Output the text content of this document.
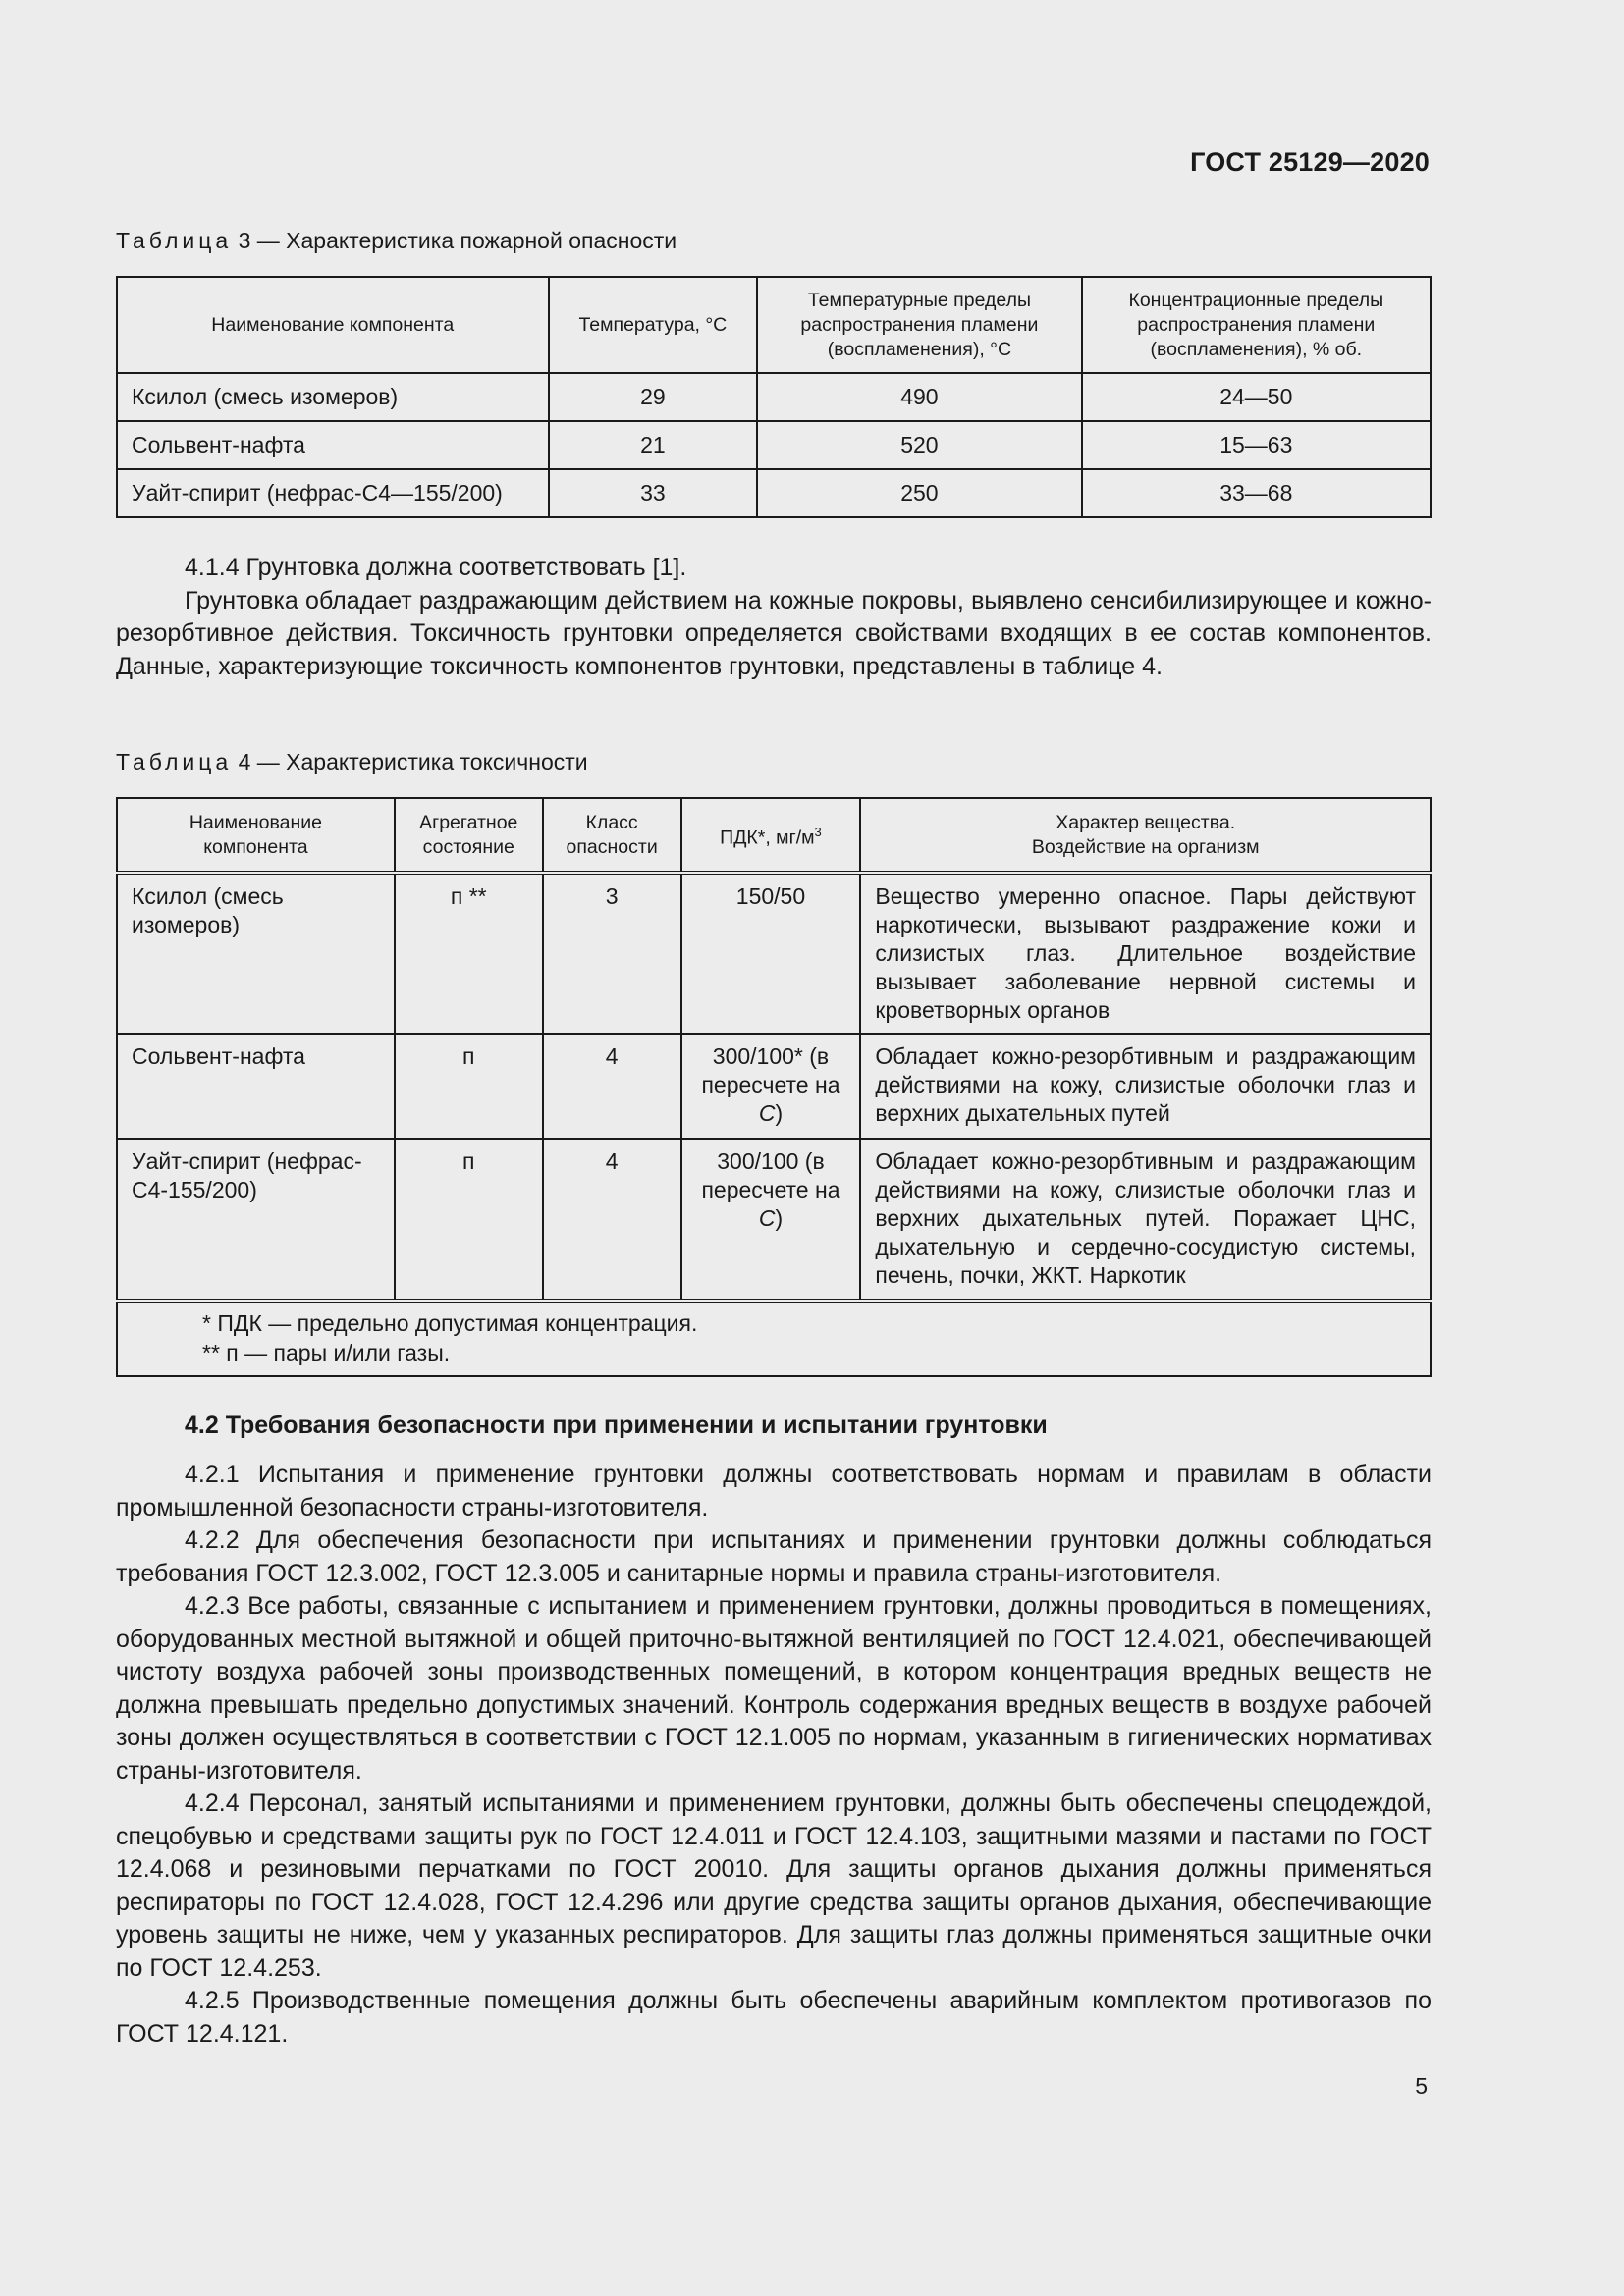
ГОСТ 25129—2020
Таблица 3 — Характеристика пожарной опасности
Наименование компонента	Температура, °С	Температурные пределы распространения пламени (воспламенения), °С	Концентрационные пределы распространения пламени (воспламенения), % об.
Ксилол (смесь изомеров)	29	490	24—50
Сольвент-нафта	21	520	15—63
Уайт-спирит (нефрас-С4—155/200)	33	250	33—68

4.1.4 Грунтовка должна соответствовать [1].

Грунтовка обладает раздражающим действием на кожные покровы, выявлено сенсибилизирующее и кожно-резорбтивное действия. Токсичность грунтовки определяется свойствами входящих в ее состав компонентов. Данные, характеризующие токсичность компонентов грунтовки, представлены в таблице 4.

Таблица 4 — Характеристика токсичности
Наименование компонента	Агрегатное состояние	Класс опасности	ПДК*, $мг/м^3$	Характер вещества.
Воздействие на организм

Ксилол (смесь изомеров)	п **	3	150/50	Вещество умеренно опасное. Пары действуют наркотически, вызывают раздражение кожи и слизистых глаз. Длительное воздействие вызывает заболевание нервной системы и кроветворных органов
Сольвент-нафта	п	4	300/100* (в пересчете на С)	Обладает кожно-резорбтивным и раздражающим действиями на кожу, слизистые оболочки глаз и верхних дыхательных путей
Уайт-спирит (нефрас-С4-155/200)	п	4	300/100 (в пересчете на С)	Обладает кожно-резорбтивным и раздражающим действиями на кожу, слизистые оболочки глаз и верхних дыхательных путей. Поражает ЦНС, дыхательную и сердечно-сосудистую системы, печень, почки, ЖКТ. Наркотик

* ПДК — предельно допустимая концентрация.
** п — пары и/или газы.				
4.2 Требования безопасности при применении и испытании грунтовки

4.2.1 Испытания и применение грунтовки должны соответствовать нормам и правилам в области промышленной безопасности страны-изготовителя.

4.2.2 Для обеспечения безопасности при испытаниях и применении грунтовки должны соблюдаться требования ГОСТ 12.3.002, ГОСТ 12.3.005 и санитарные нормы и правила страны-изготовителя.

4.2.3 Все работы, связанные с испытанием и применением грунтовки, должны проводиться в помещениях, оборудованных местной вытяжной и общей приточно-вытяжной вентиляцией по ГОСТ 12.4.021, обеспечивающей чистоту воздуха рабочей зоны производственных помещений, в котором концентрация вредных веществ не должна превышать предельно допустимых значений. Контроль содержания вредных веществ в воздухе рабочей зоны должен осуществляться в соответствии с ГОСТ 12.1.005 по нормам, указанным в гигиенических нормативах страны-изготовителя.

4.2.4 Персонал, занятый испытаниями и применением грунтовки, должны быть обеспечены спецодеждой, спецобувью и средствами защиты рук по ГОСТ 12.4.011 и ГОСТ 12.4.103, защитными мазями и пастами по ГОСТ 12.4.068 и резиновыми перчатками по ГОСТ 20010. Для защиты органов дыхания должны применяться респираторы по ГОСТ 12.4.028, ГОСТ 12.4.296 или другие средства защиты органов дыхания, обеспечивающие уровень защиты не ниже, чем у указанных респираторов. Для защиты глаз должны применяться защитные очки по ГОСТ 12.4.253.

4.2.5 Производственные помещения должны быть обеспечены аварийным комплектом противогазов по ГОСТ 12.4.121.

5
